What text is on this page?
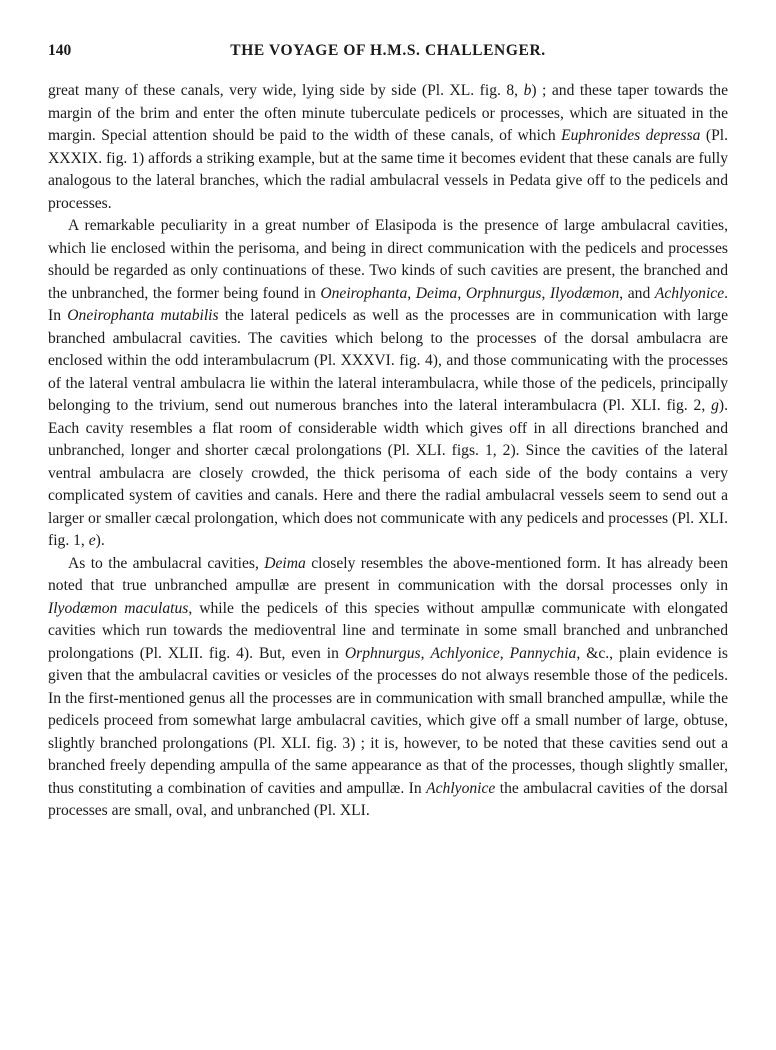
140	THE VOYAGE OF H.M.S. CHALLENGER.

great many of these canals, very wide, lying side by side (Pl. XL. fig. 8, b) ; and these taper towards the margin of the brim and enter the often minute tuberculate pedicels or processes, which are situated in the margin. Special attention should be paid to the width of these canals, of which Euphronides depressa (Pl. XXXIX. fig. 1) affords a striking example, but at the same time it becomes evident that these canals are fully analogous to the lateral branches, which the radial ambulacral vessels in Pedata give off to the pedicels and processes.

A remarkable peculiarity in a great number of Elasipoda is the presence of large ambulacral cavities, which lie enclosed within the perisoma, and being in direct communication with the pedicels and processes should be regarded as only continuations of these. Two kinds of such cavities are present, the branched and the unbranched, the former being found in Oneirophanta, Deima, Orphnurgus, Ilyodæmon, and Achlyonice. In Oneirophanta mutabilis the lateral pedicels as well as the processes are in communication with large branched ambulacral cavities. The cavities which belong to the processes of the dorsal ambulacra are enclosed within the odd interambulacrum (Pl. XXXVI. fig. 4), and those communicating with the processes of the lateral ventral ambulacra lie within the lateral interambulacra, while those of the pedicels, principally belonging to the trivium, send out numerous branches into the lateral interambulacra (Pl. XLI. fig. 2, g). Each cavity resembles a flat room of considerable width which gives off in all directions branched and unbranched, longer and shorter cæcal prolongations (Pl. XLI. figs. 1, 2). Since the cavities of the lateral ventral ambulacra are closely crowded, the thick perisoma of each side of the body contains a very complicated system of cavities and canals. Here and there the radial ambulacral vessels seem to send out a larger or smaller cæcal prolongation, which does not communicate with any pedicels and processes (Pl. XLI. fig. 1, e).

As to the ambulacral cavities, Deima closely resembles the above-mentioned form. It has already been noted that true unbranched ampullæ are present in communication with the dorsal processes only in Ilyodæmon maculatus, while the pedicels of this species without ampullæ communicate with elongated cavities which run towards the medioventral line and terminate in some small branched and unbranched prolongations (Pl. XLII. fig. 4). But, even in Orphnurgus, Achlyonice, Pannychia, &c., plain evidence is given that the ambulacral cavities or vesicles of the processes do not always resemble those of the pedicels. In the first-mentioned genus all the processes are in communication with small branched ampullæ, while the pedicels proceed from somewhat large ambulacral cavities, which give off a small number of large, obtuse, slightly branched prolongations (Pl. XLI. fig. 3) ; it is, however, to be noted that these cavities send out a branched freely depending ampulla of the same appearance as that of the processes, though slightly smaller, thus constituting a combination of cavities and ampullæ. In Achlyonice the ambulacral cavities of the dorsal processes are small, oval, and unbranched (Pl. XLI.
